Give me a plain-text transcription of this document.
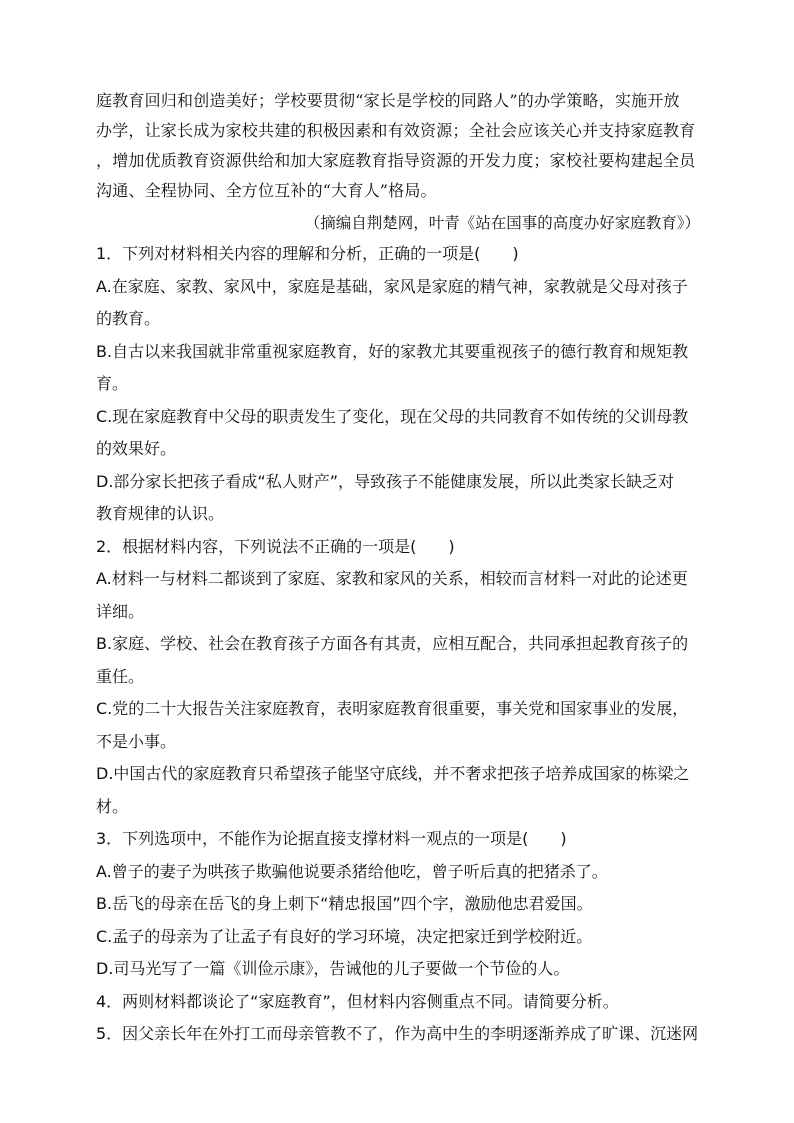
庭教育回归和创造美好；学校要贯彻“家长是学校的同路人”的办学策略，实施开放

办学，让家长成为家校共建的积极因素和有效资源；全社会应该关心并支持家庭教育

，增加优质教育资源供给和加大家庭教育指导资源的开发力度；家校社要构建起全员

沟通、全程协同、全方位互补的“大育人”格局。

（摘编自荆楚网，叶青《站在国事的高度办好家庭教育》）

1．下列对材料相关内容的理解和分析，正确的一项是(　　)

A.在家庭、家教、家风中，家庭是基础，家风是家庭的精气神，家教就是父母对孩子

的教育。

B.自古以来我国就非常重视家庭教育，好的家教尤其要重视孩子的德行教育和规矩教

育。

C.现在家庭教育中父母的职责发生了变化，现在父母的共同教育不如传统的父训母教

的效果好。

D.部分家长把孩子看成“私人财产”，导致孩子不能健康发展，所以此类家长缺乏对

教育规律的认识。

2．根据材料内容，下列说法不正确的一项是(　　)

A.材料一与材料二都谈到了家庭、家教和家风的关系，相较而言材料一对此的论述更

详细。

B.家庭、学校、社会在教育孩子方面各有其责，应相互配合，共同承担起教育孩子的

重任。

C.党的二十大报告关注家庭教育，表明家庭教育很重要，事关党和国家事业的发展，

不是小事。

D.中国古代的家庭教育只希望孩子能坚守底线，并不奢求把孩子培养成国家的栋梁之

材。

3．下列选项中，不能作为论据直接支撑材料一观点的一项是(　　)

A.曾子的妻子为哄孩子欺骗他说要杀猪给他吃，曾子听后真的把猪杀了。

B.岳飞的母亲在岳飞的身上刺下“精忠报国”四个字，激励他忠君爱国。

C.孟子的母亲为了让孟子有良好的学习环境，决定把家迁到学校附近。

D.司马光写了一篇《训俭示康》，告诫他的儿子要做一个节俭的人。

4．两则材料都谈论了“家庭教育”，但材料内容侧重点不同。请简要分析。

5．因父亲长年在外打工而母亲管教不了，作为高中生的李明逐渐养成了旷课、沉迷网
